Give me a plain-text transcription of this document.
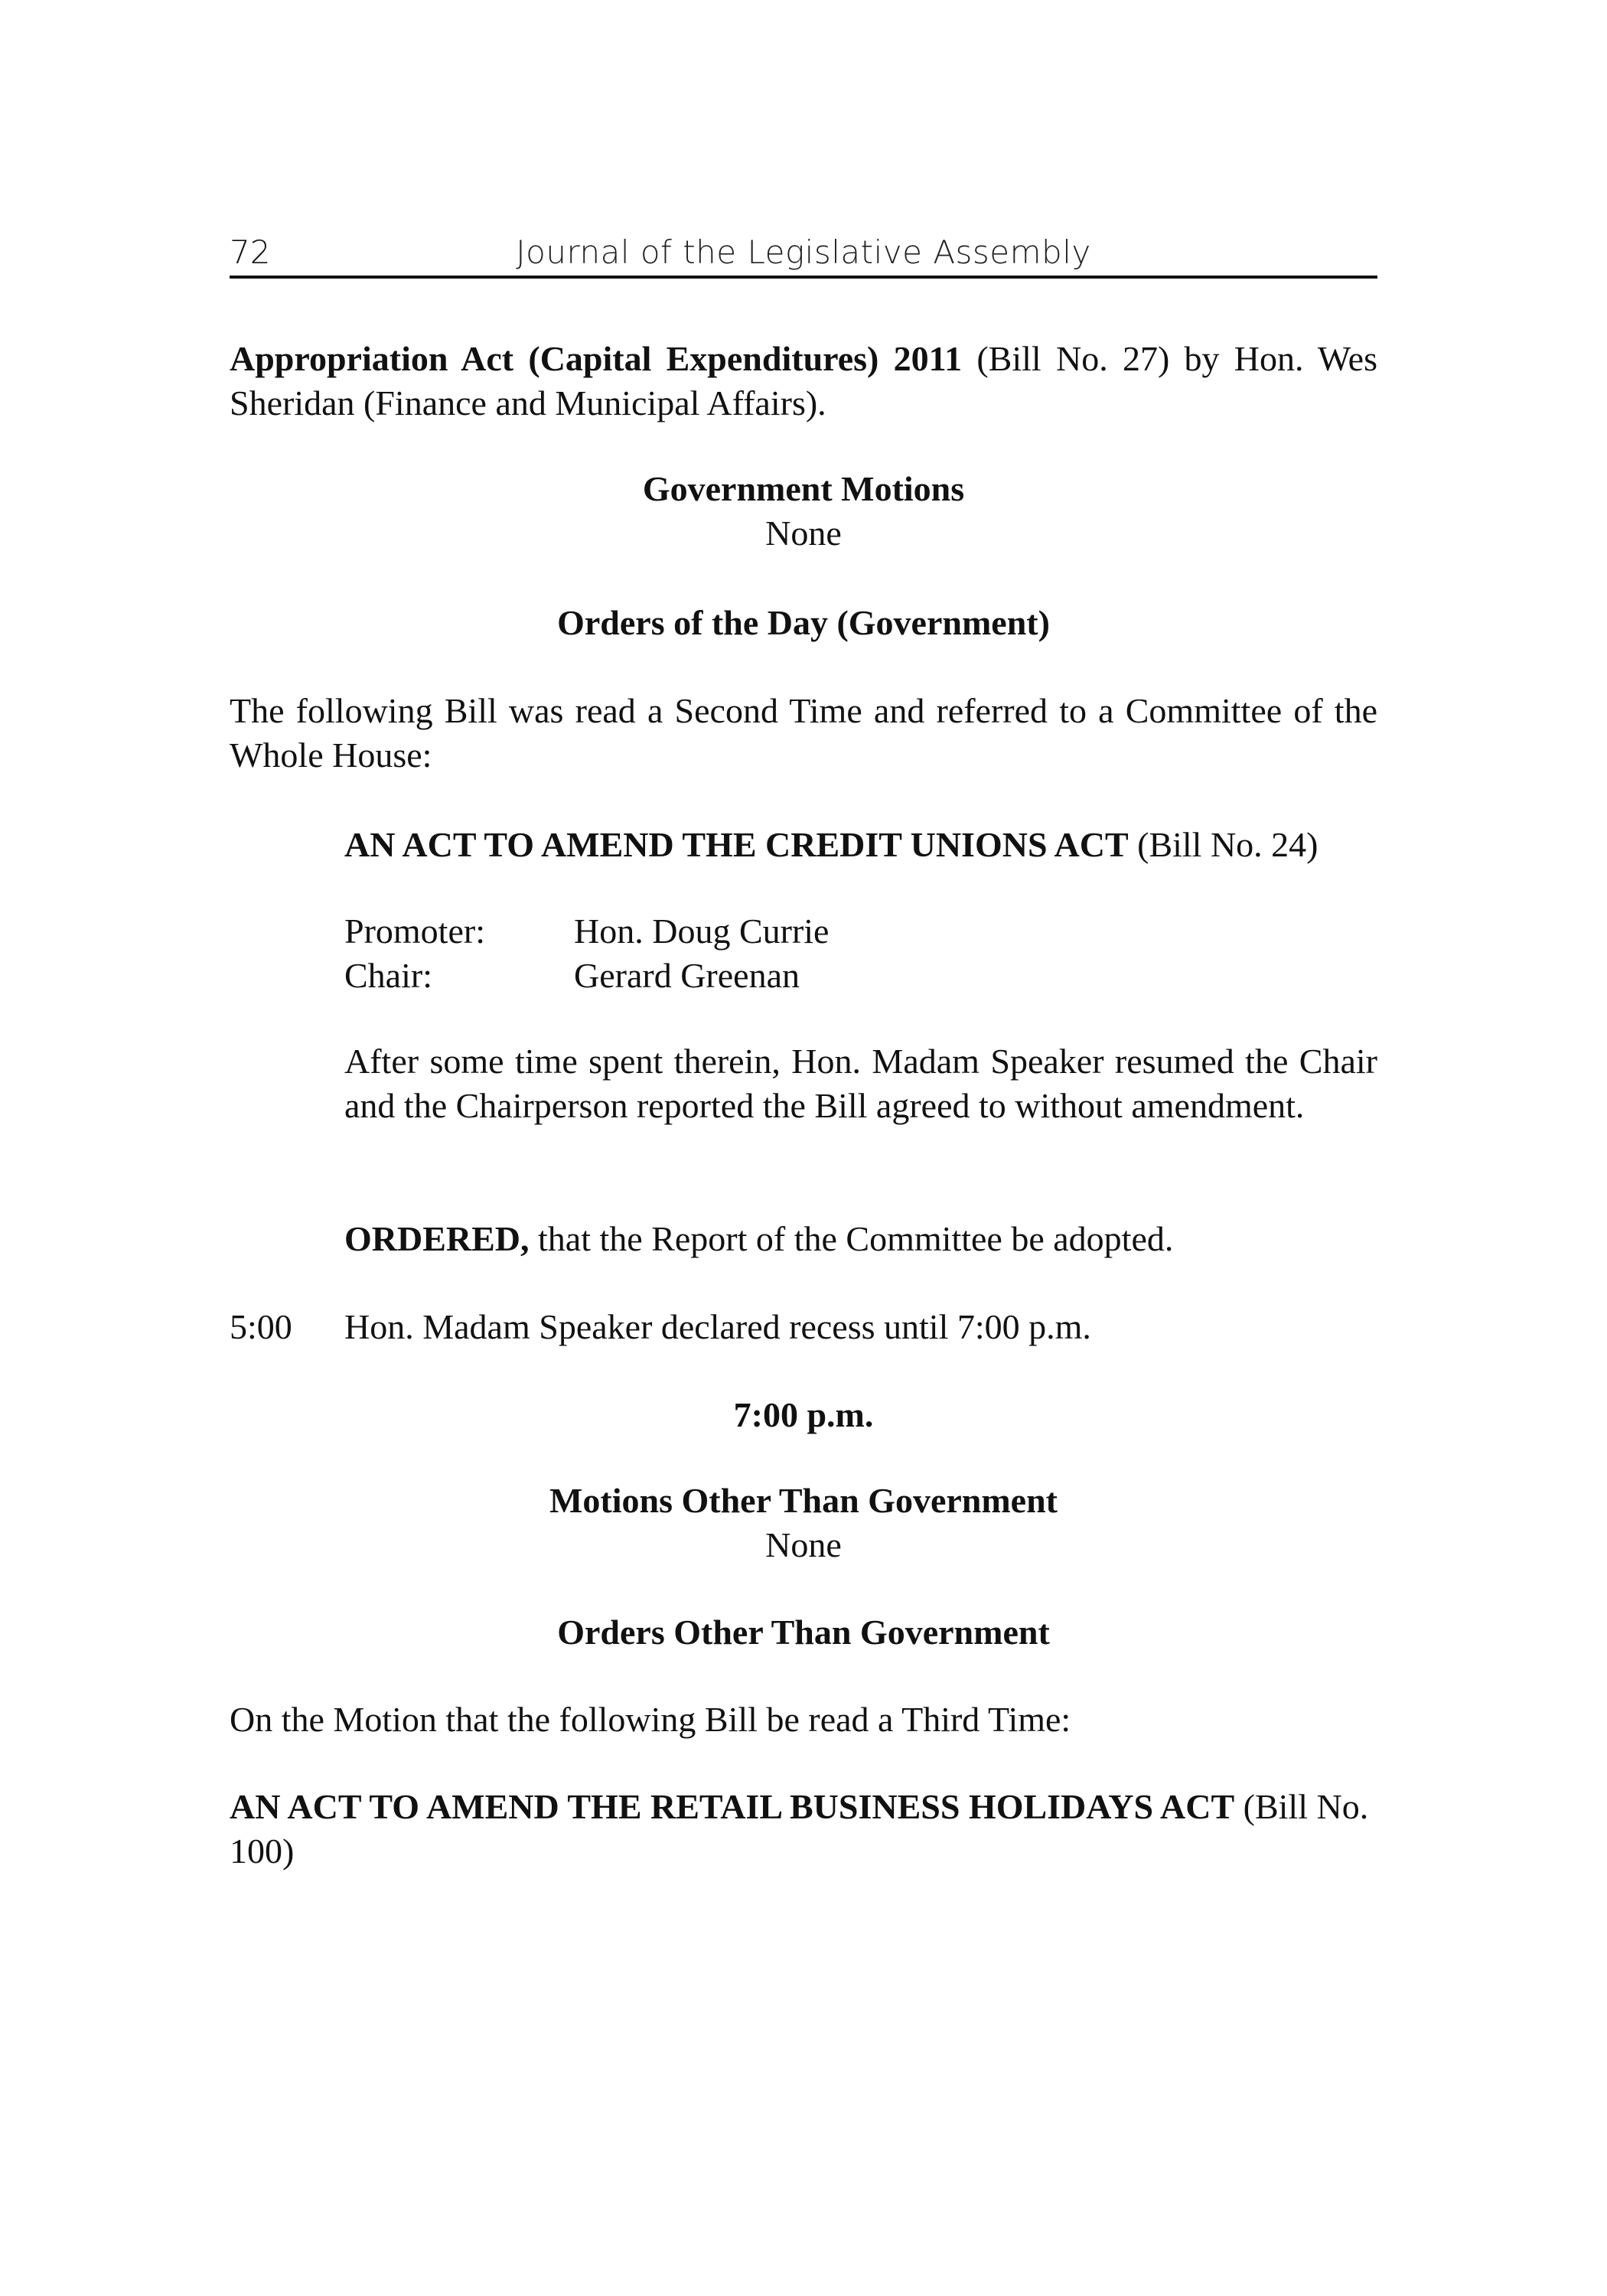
72	Journal of the Legislative Assembly
Appropriation Act (Capital Expenditures) 2011 (Bill No. 27) by Hon. Wes Sheridan (Finance and Municipal Affairs).
Government Motions
None
Orders of the Day (Government)
The following Bill was read a Second Time and referred to a Committee of the Whole House:
AN ACT TO AMEND THE CREDIT UNIONS ACT (Bill No. 24)
Promoter:	Hon. Doug Currie
Chair:	Gerard Greenan
After some time spent therein, Hon. Madam Speaker resumed the Chair and the Chairperson reported the Bill agreed to without amendment.
ORDERED, that the Report of the Committee be adopted.
5:00 Hon. Madam Speaker declared recess until 7:00 p.m.
7:00 p.m.
Motions Other Than Government
None
Orders Other Than Government
On the Motion that the following Bill be read a Third Time:
AN ACT TO AMEND THE RETAIL BUSINESS HOLIDAYS ACT (Bill No. 100)
